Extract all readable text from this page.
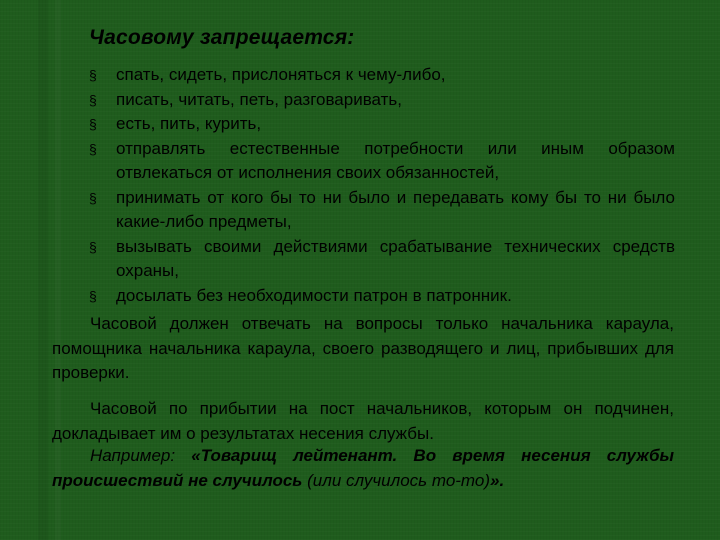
Часовому запрещается:
§ спать, сидеть, прислоняться к чему-либо,
§ писать, читать, петь, разговаривать,
§ есть, пить, курить,
§ отправлять естественные потребности или иным образом отвлекаться от исполнения своих обязанностей,
§ принимать от кого бы то ни было и передавать кому бы то ни было какие-либо предметы,
§ вызывать своими действиями срабатывание технических средств охраны,
§ досылать без необходимости патрон в патронник.

Часовой должен отвечать на вопросы только начальника караула, помощника начальника караула, своего разводящего и лиц, прибывших для проверки.

Часовой по прибытии на пост начальников, которым он подчинен, докладывает им о результатах несения службы.

Например: «Товарищ лейтенант. Во время несения службы происшествий не случилось (или случилось то-то)».
